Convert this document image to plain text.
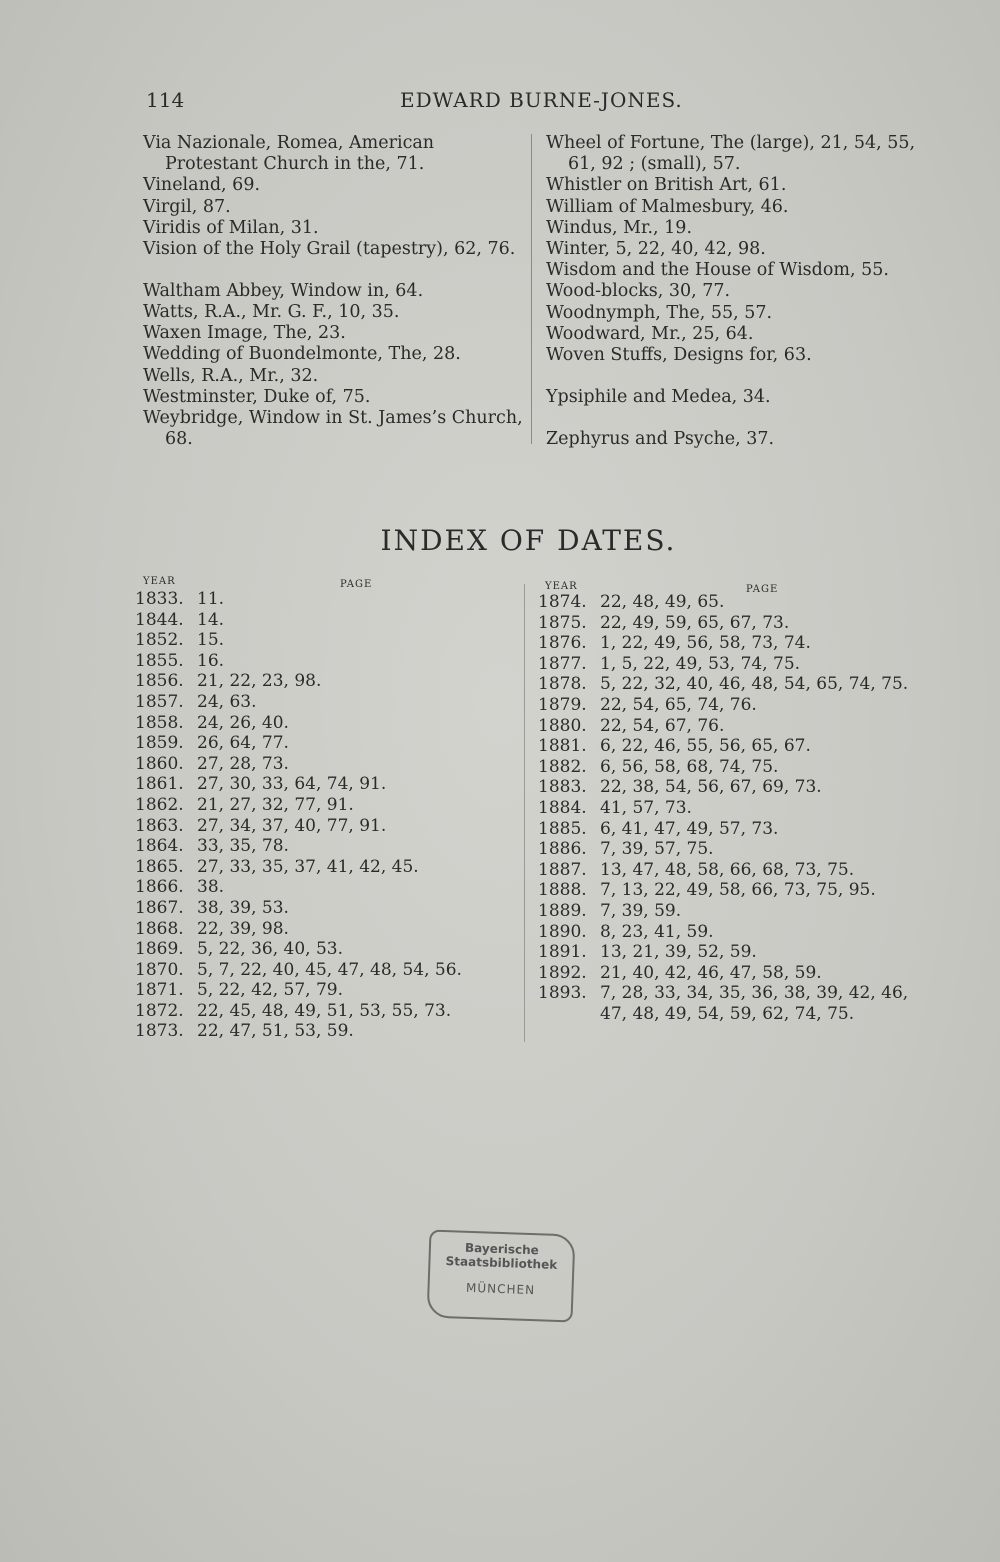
114	EDWARD BURNE-JONES.
Via Nazionale, Romea, American Protestant Church in the, 71.
Vineland, 69.
Virgil, 87.
Viridis of Milan, 31.
Vision of the Holy Grail (tapestry), 62, 76.
Waltham Abbey, Window in, 64.
Watts, R.A., Mr. G. F., 10, 35.
Waxen Image, The, 23.
Wedding of Buondelmonte, The, 28.
Wells, R.A., Mr., 32.
Westminster, Duke of, 75.
Weybridge, Window in St. James’s Church, 68.
Wheel of Fortune, The (large), 21, 54, 55, 61, 92 ; (small), 57.
Whistler on British Art, 61.
William of Malmesbury, 46.
Windus, Mr., 19.
Winter, 5, 22, 40, 42, 98.
Wisdom and the House of Wisdom, 55.
Wood-blocks, 30, 77.
Woodnymph, The, 55, 57.
Woodward, Mr., 25, 64.
Woven Stuffs, Designs for, 63.
Ypsiphile and Medea, 34.
Zephyrus and Psyche, 37.
INDEX OF DATES.
YEAR	PAGE	YEAR	PAGE
1833. 11.
1844. 14.
1852. 15.
1855. 16.
1856. 21, 22, 23, 98.
1857. 24, 63.
1858. 24, 26, 40.
1859. 26, 64, 77.
1860. 27, 28, 73.
1861. 27, 30, 33, 64, 74, 91.
1862. 21, 27, 32, 77, 91.
1863. 27, 34, 37, 40, 77, 91.
1864. 33, 35, 78.
1865. 27, 33, 35, 37, 41, 42, 45.
1866. 38.
1867. 38, 39, 53.
1868. 22, 39, 98.
1869. 5, 22, 36, 40, 53.
1870. 5, 7, 22, 40, 45, 47, 48, 54, 56.
1871. 5, 22, 42, 57, 79.
1872. 22, 45, 48, 49, 51, 53, 55, 73.
1873. 22, 47, 51, 53, 59.
1874. 22, 48, 49, 65.
1875. 22, 49, 59, 65, 67, 73.
1876. 1, 22, 49, 56, 58, 73, 74.
1877. 1, 5, 22, 49, 53, 74, 75.
1878. 5, 22, 32, 40, 46, 48, 54, 65, 74, 75.
1879. 22, 54, 65, 74, 76.
1880. 22, 54, 67, 76.
1881. 6, 22, 46, 55, 56, 65, 67.
1882. 6, 56, 58, 68, 74, 75.
1883. 22, 38, 54, 56, 67, 69, 73.
1884. 41, 57, 73.
1885. 6, 41, 47, 49, 57, 73.
1886. 7, 39, 57, 75.
1887. 13, 47, 48, 58, 66, 68, 73, 75.
1888. 7, 13, 22, 49, 58, 66, 73, 75, 95.
1889. 7, 39, 59.
1890. 8, 23, 41, 59.
1891. 13, 21, 39, 52, 59.
1892. 21, 40, 42, 46, 47, 58, 59.
1893. 7, 28, 33, 34, 35, 36, 38, 39, 42, 46, 47, 48, 49, 54, 59, 62, 74, 75.
Bayerische
Staatsbibliothek
MÜNCHEN
